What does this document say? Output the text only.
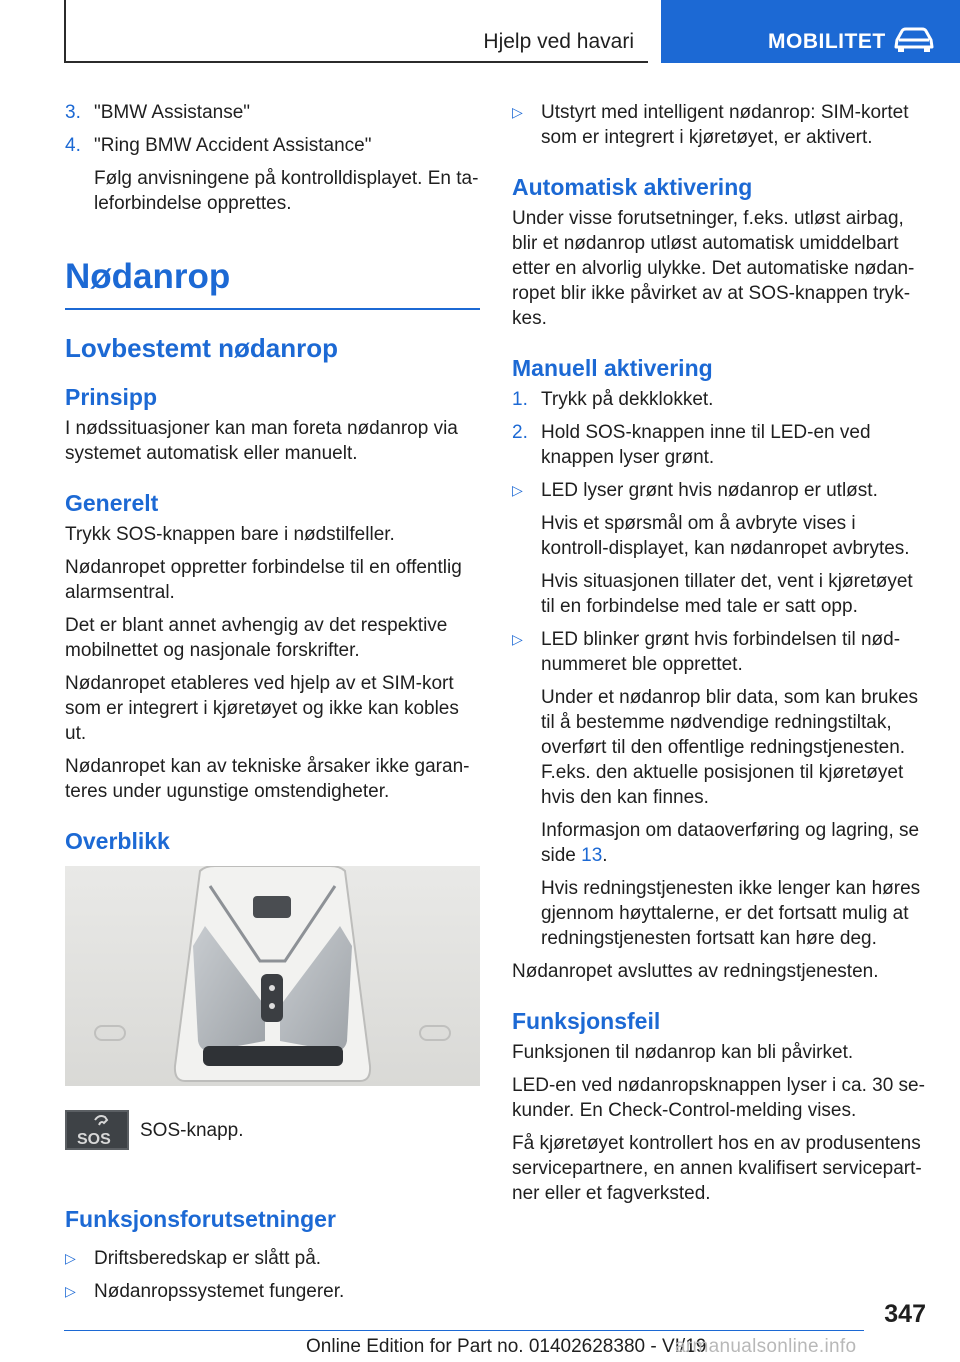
Hjelp ved havari	MOBILITET
3. "BMW Assistanse"
4. "Ring BMW Accident Assistance"
Følg anvisningene på kontrolldisplayet. En ta-leforbindelse opprettes.
Nødanrop
Lovbestemt nødanrop
Prinsipp
I nødssituasjoner kan man foreta nødanrop via systemet automatisk eller manuelt.
Generelt
Trykk SOS-knappen bare i nødstilfeller.
Nødanropet oppretter forbindelse til en offentlig alarmsentral.
Det er blant annet avhengig av det respektive mobilnettet og nasjonale forskrifter.
Nødanropet etableres ved hjelp av et SIM-kort som er integrert i kjøretøyet og ikke kan kobles ut.
Nødanropet kan av tekniske årsaker ikke garan-teres under ugunstige omstendigheter.
Overblikk
SOS SOS-knapp.
Funksjonsforutsetninger
▷ Driftsberedskap er slått på.
▷ Nødanropssystemet fungerer.
▷ Utstyrt med intelligent nødanrop: SIM-kortet som er integrert i kjøretøyet, er aktivert.
Automatisk aktivering
Under visse forutsetninger, f.eks. utløst airbag, blir et nødanrop utløst automatisk umiddelbart etter en alvorlig ulykke. Det automatiske nødan-ropet blir ikke påvirket av at SOS-knappen tryk-kes.
Manuell aktivering
1. Trykk på dekklokket.
2. Hold SOS-knappen inne til LED-en ved knappen lyser grønt.
▷ LED lyser grønt hvis nødanrop er utløst.
Hvis et spørsmål om å avbryte vises i kontroll-displayet, kan nødanropet avbrytes.
Hvis situasjonen tillater det, vent i kjøretøyet til en forbindelse med tale er satt opp.
▷ LED blinker grønt hvis forbindelsen til nød-nummeret ble opprettet.
Under et nødanrop blir data, som kan brukes til å bestemme nødvendige redningstiltak, overført til den offentlige redningstjenesten. F.eks. den aktuelle posisjonen til kjøretøyet hvis den kan finnes.
Informasjon om dataoverføring og lagring, se side 13.
Hvis redningstjenesten ikke lenger kan høres gjennom høyttalerne, er det fortsatt mulig at redningstjenesten fortsatt kan høre deg.
Nødanropet avsluttes av redningstjenesten.
Funksjonsfeil
Funksjonen til nødanrop kan bli påvirket.
LED-en ved nødanropsknappen lyser i ca. 30 se-kunder. En Check-Control-melding vises.
Få kjøretøyet kontrollert hos en av produsentens servicepartnere, en annen kvalifisert servicepart-ner eller et fagverksted.
347
Online Edition for Part no. 01402628380 - VI/19
armanualsonline.info
